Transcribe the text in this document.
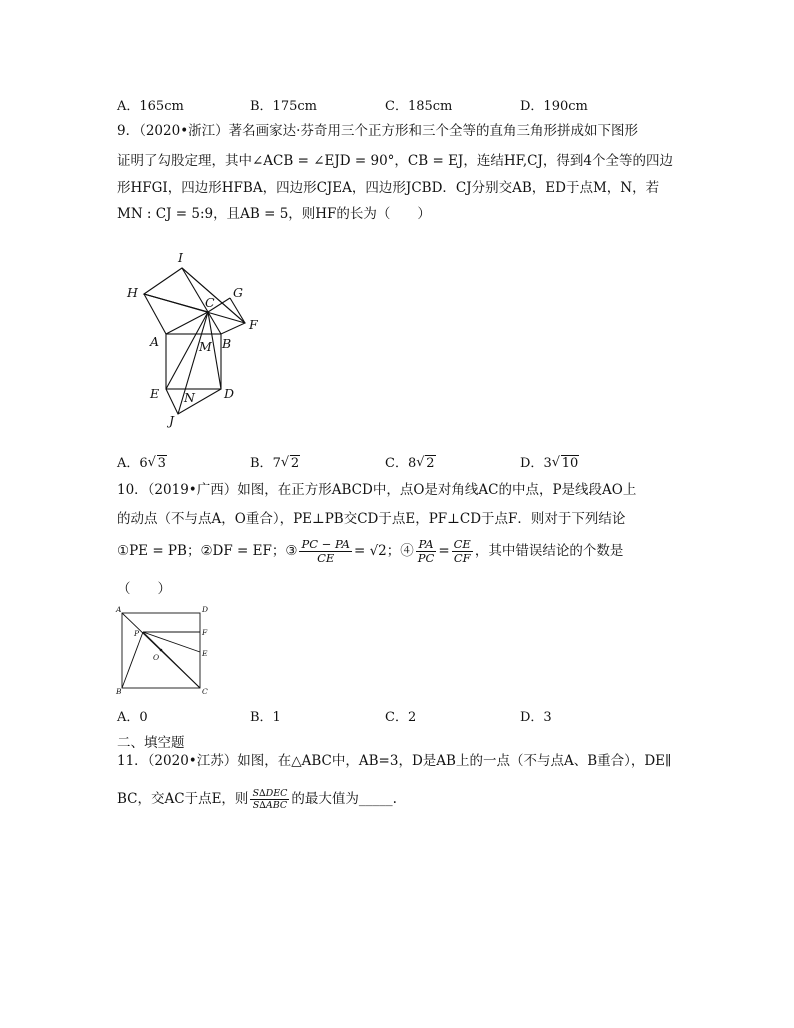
A．165cm	B．175cm	C．185cm	D．190cm
9．（2020•浙江）著名画家达·芬奇用三个正方形和三个全等的直角三角形拼成如下图形
证明了勾股定理，其中∠ACB = ∠EJD = 90°，CB = EJ，连结HF,CJ，得到4个全等的四边
形HFGI，四边形HFBA，四边形CJEA，四边形JCBD．CJ分别交AB，ED于点M，N，若
MN : CJ = 5:9，且AB = 5，则HF的长为（　　）
I
H
C
G
F
A	M B
E N D
J
A．6 √ 3	B．7 √ 2	C．8 √ 2	D．3 √ 10
10．（2019•广西）如图，在正方形ABCD中，点O是对角线AC的中点，P是线段AO上
的动点（不与点A，O重合），PE⊥PB交CD于点E，PF⊥CD于点F．则对于下列结论
①PE = PB；②DF = EF；③ $\frac{PC - PA}{CE} = √2$；④ $\frac{PA}{PC} = \frac{CE}{CF}$ ，其中错误结论的个数是
（　　）
A	D
P	F
O	E
B	C
A．0	B．1	C．2	D．3
二、填空题
11．（2020•江苏）如图，在△ABC中，AB=3，D是AB上的一点（不与点A、B重合），DE∥
BC，交AC于点E，则 $\frac{\text{S∆DEC}}{\text{S∆ABC}}$ 的最大值为_____.
